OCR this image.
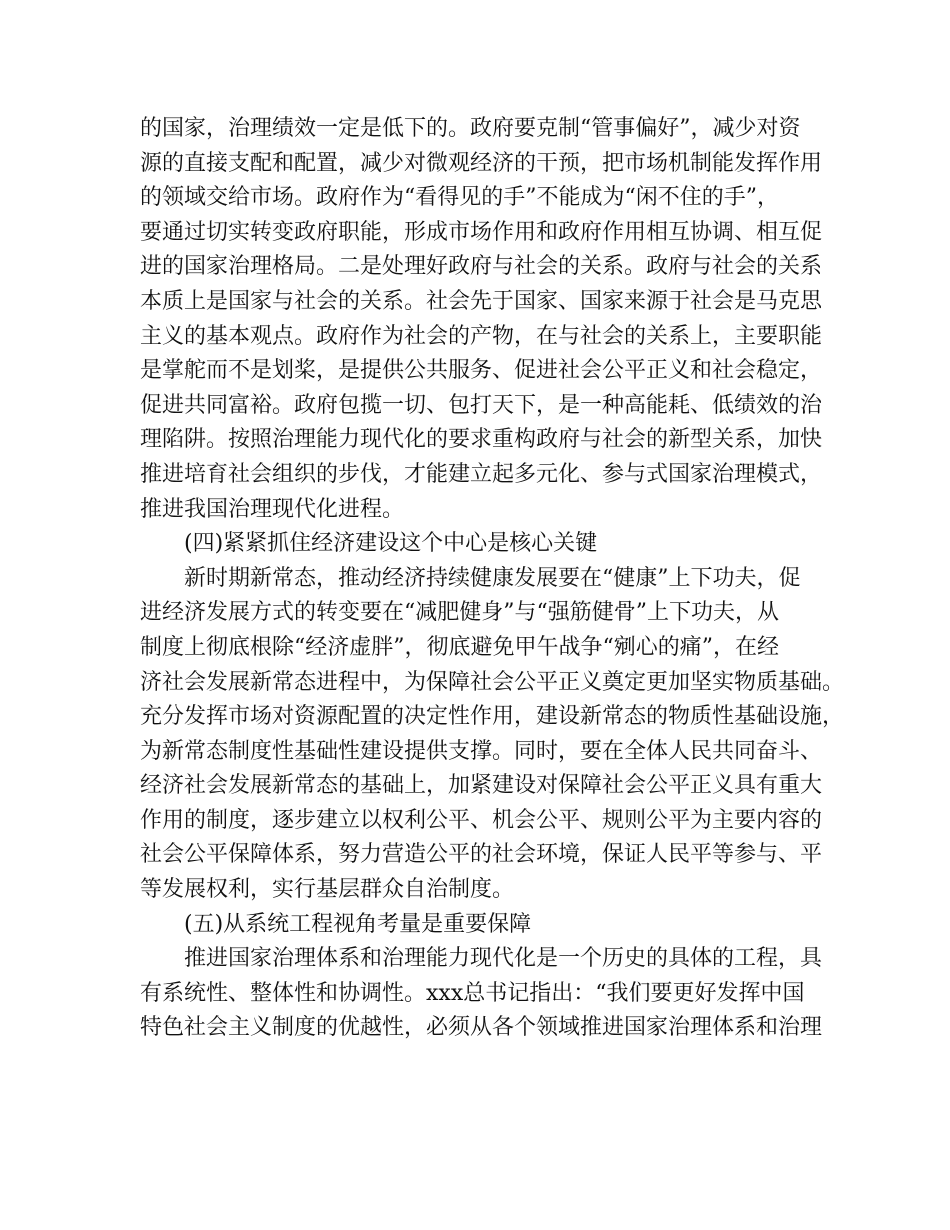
的国家，治理绩效一定是低下的。政府要克制“管事偏好”，减少对资
源的直接支配和配置，减少对微观经济的干预，把市场机制能发挥作用
的领域交给市场。政府作为“看得见的手”不能成为“闲不住的手”，
要通过切实转变政府职能，形成市场作用和政府作用相互协调、相互促
进的国家治理格局。二是处理好政府与社会的关系。政府与社会的关系
本质上是国家与社会的关系。社会先于国家、国家来源于社会是马克思
主义的基本观点。政府作为社会的产物，在与社会的关系上，主要职能
是掌舵而不是划桨，是提供公共服务、促进社会公平正义和社会稳定，
促进共同富裕。政府包揽一切、包打天下，是一种高能耗、低绩效的治
理陷阱。按照治理能力现代化的要求重构政府与社会的新型关系，加快
推进培育社会组织的步伐，才能建立起多元化、参与式国家治理模式，
推进我国治理现代化进程。
(四)紧紧抓住经济建设这个中心是核心关键
新时期新常态，推动经济持续健康发展要在“健康”上下功夫，促
进经济发展方式的转变要在“减肥健身”与“强筋健骨”上下功夫，从
制度上彻底根除“经济虚胖”，彻底避免甲午战争“剜心的痛”，在经
济社会发展新常态进程中，为保障社会公平正义奠定更加坚实物质基础。
充分发挥市场对资源配置的决定性作用，建设新常态的物质性基础设施，
为新常态制度性基础性建设提供支撑。同时，要在全体人民共同奋斗、
经济社会发展新常态的基础上，加紧建设对保障社会公平正义具有重大
作用的制度，逐步建立以权利公平、机会公平、规则公平为主要内容的
社会公平保障体系，努力营造公平的社会环境，保证人民平等参与、平
等发展权利，实行基层群众自治制度。
(五)从系统工程视角考量是重要保障
推进国家治理体系和治理能力现代化是一个历史的具体的工程，具
有系统性、整体性和协调性。xxx总书记指出：“我们要更好发挥中国
特色社会主义制度的优越性，必须从各个领域推进国家治理体系和治理
